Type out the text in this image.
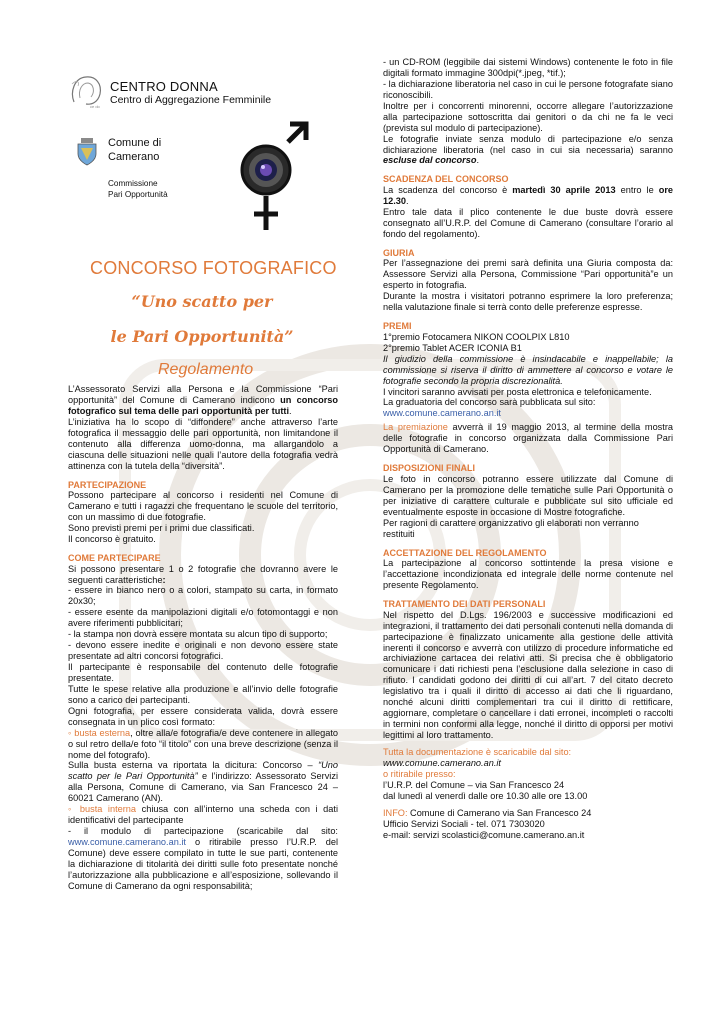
ce do
CENTRO DONNA
Centro di Aggregazione Femminile
Comune di
Camerano
Commissione
Pari Opportunità
CONCORSO FOTOGRAFICO
“Uno scatto per
le Pari Opportunità”
Regolamento

L’Assessorato Servizi alla Persona e la Commissione “Pari opportunità” del Comune di Camerano indicono un concorso fotografico sul tema delle pari opportunità per tutti.

L’iniziativa ha lo scopo di “diffondere” anche attraverso l’arte fotografica il messaggio delle pari opportunità, non limitandone il contenuto alla differenza uomo-donna, ma allargandolo a ciascuna delle situazioni nelle quali l’autore della fotografia vedrà attinenza con la tutela della “diversità”.

PARTECIPAZIONE

Possono partecipare al concorso i residenti nel Comune di Camerano e tutti i ragazzi che frequentano le scuole del territorio, con un massimo di due fotografie.

Sono previsti premi per i primi due classificati.

Il concorso è gratuito.

COME PARTECIPARE

Si possono presentare 1 o 2 fotografie che dovranno avere le seguenti caratteristiche:

- essere in bianco nero o a colori, stampato su carta, in formato 20x30;

- essere esente da manipolazioni digitali e/o fotomontaggi e non avere riferimenti pubblicitari;

- la stampa non dovrà essere montata su alcun tipo di supporto;

- devono essere inedite e originali e non devono essere state presentate ad altri concorsi fotografici.

Il partecipante è responsabile del contenuto delle fotografie presentate.

Tutte le spese relative alla produzione e all’invio delle fotografie sono a carico dei partecipanti.

Ogni fotografia, per essere considerata valida, dovrà essere consegnata in un plico così formato:

◦ busta esterna, oltre alla/e fotografia/e deve contenere in allegato o sul retro della/e foto “il titolo” con una breve descrizione (senza il nome del fotografo).

Sulla busta esterna va riportata la dicitura: Concorso – “Uno scatto per le Pari Opportunità” e l’indirizzo: Assessorato Servizi alla Persona, Comune di Camerano, via San Francesco 24 – 60021 Camerano (AN).

◦ busta interna chiusa con all’interno una scheda con i dati identificativi del partecipante

- il modulo di partecipazione (scaricabile dal sito: www.comune.camerano.an.it o ritirabile presso l’U.R.P. del Comune) deve essere compilato in tutte le sue parti, contenente la dichiarazione di titolarità dei diritti sulle foto presentate nonché l’autorizzazione alla pubblicazione e all’esposizione, sollevando il Comune di Camerano da ogni responsabilità;

- un CD-ROM (leggibile dai sistemi Windows) contenente le foto in file digitali formato immagine 300dpi(*.jpeg, *tif.);

- la dichiarazione liberatoria nel caso in cui le persone fotografate siano riconoscibili.

Inoltre per i concorrenti minorenni, occorre allegare l’autorizzazione alla partecipazione sottoscritta dai genitori o da chi ne fa le veci (prevista sul modulo di partecipazione).

Le fotografie inviate senza modulo di partecipazione e/o senza dichiarazione liberatoria (nel caso in cui sia necessaria) saranno escluse dal concorso.

SCADENZA DEL CONCORSO

La scadenza del concorso è martedì 30 aprile 2013 entro le ore 12.30.

Entro tale data il plico contenente le due buste dovrà essere consegnato all’U.R.P. del Comune di Camerano (consultare l’orario al fondo del regolamento).

GIURIA

Per l’assegnazione dei premi sarà definita una Giuria composta da: Assessore Servizi alla Persona, Commissione “Pari opportunità”e un esperto in fotografia.

Durante la mostra i visitatori potranno esprimere la loro preferenza; nella valutazione finale si terrà conto delle preferenze espresse.

PREMI

1°premio Fotocamera NIKON COOLPIX L810

2°premio Tablet ACER ICONIA B1

Il giudizio della commissione è insindacabile e inappellabile; la commissione si riserva il diritto di ammettere al concorso e votare le fotografie secondo la propria discrezionalità.

I vincitori saranno avvisati per posta elettronica e telefonicamente.

La graduatoria del concorso sarà pubblicata sul sito:

www.comune.camerano.an.it

La premiazione avverrà il 19 maggio 2013, al termine della mostra delle fotografie in concorso organizzata dalla Commissione Pari Opportunità di Camerano.

DISPOSIZIONI FINALI

Le foto in concorso potranno essere utilizzate dal Comune di Camerano per la promozione delle tematiche sulle Pari Opportunità o per iniziative di carattere culturale e pubblicate sul sito ufficiale ed eventualmente esposte in occasione di Mostre fotografiche.

Per ragioni di carattere organizzativo gli elaborati non verranno restituiti

ACCETTAZIONE DEL REGOLAMENTO

La partecipazione al concorso sottintende la presa visione e l’accettazione incondizionata ed integrale delle norme contenute nel presente Regolamento.

TRATTAMENTO DEI DATI PERSONALI

Nel rispetto del D.Lgs. 196/2003 e successive modificazioni ed integrazioni, il trattamento dei dati personali contenuti nella domanda di partecipazione è finalizzato unicamente alla gestione delle attività inerenti il concorso e avverrà con utilizzo di procedure informatiche ed archiviazione cartacea dei relativi atti. Si precisa che è obbligatorio comunicare i dati richiesti pena l’esclusione dalla selezione in caso di rifiuto. I candidati godono dei diritti di cui all’art. 7 del citato decreto legislativo tra i quali il diritto di accesso ai dati che li riguardano, nonché alcuni diritti complementari tra cui il diritto di rettificare, aggiornare, completare o cancellare i dati erronei, incompleti o raccolti in termini non conformi alla legge, nonché il diritto di opporsi per motivi legittimi al loro trattamento.

Tutta la documentazione è scaricabile dal sito:

www.comune.camerano.an.it

o ritirabile presso:

l’U.R.P. del Comune – via San Francesco 24

dal lunedì al venerdì dalle ore 10.30 alle ore 13.00

INFO: Comune di Camerano via San Francesco 24

Ufficio Servizi Sociali - tel. 071 7303020

e-mail: servizi scolastici@comune.camerano.an.it
